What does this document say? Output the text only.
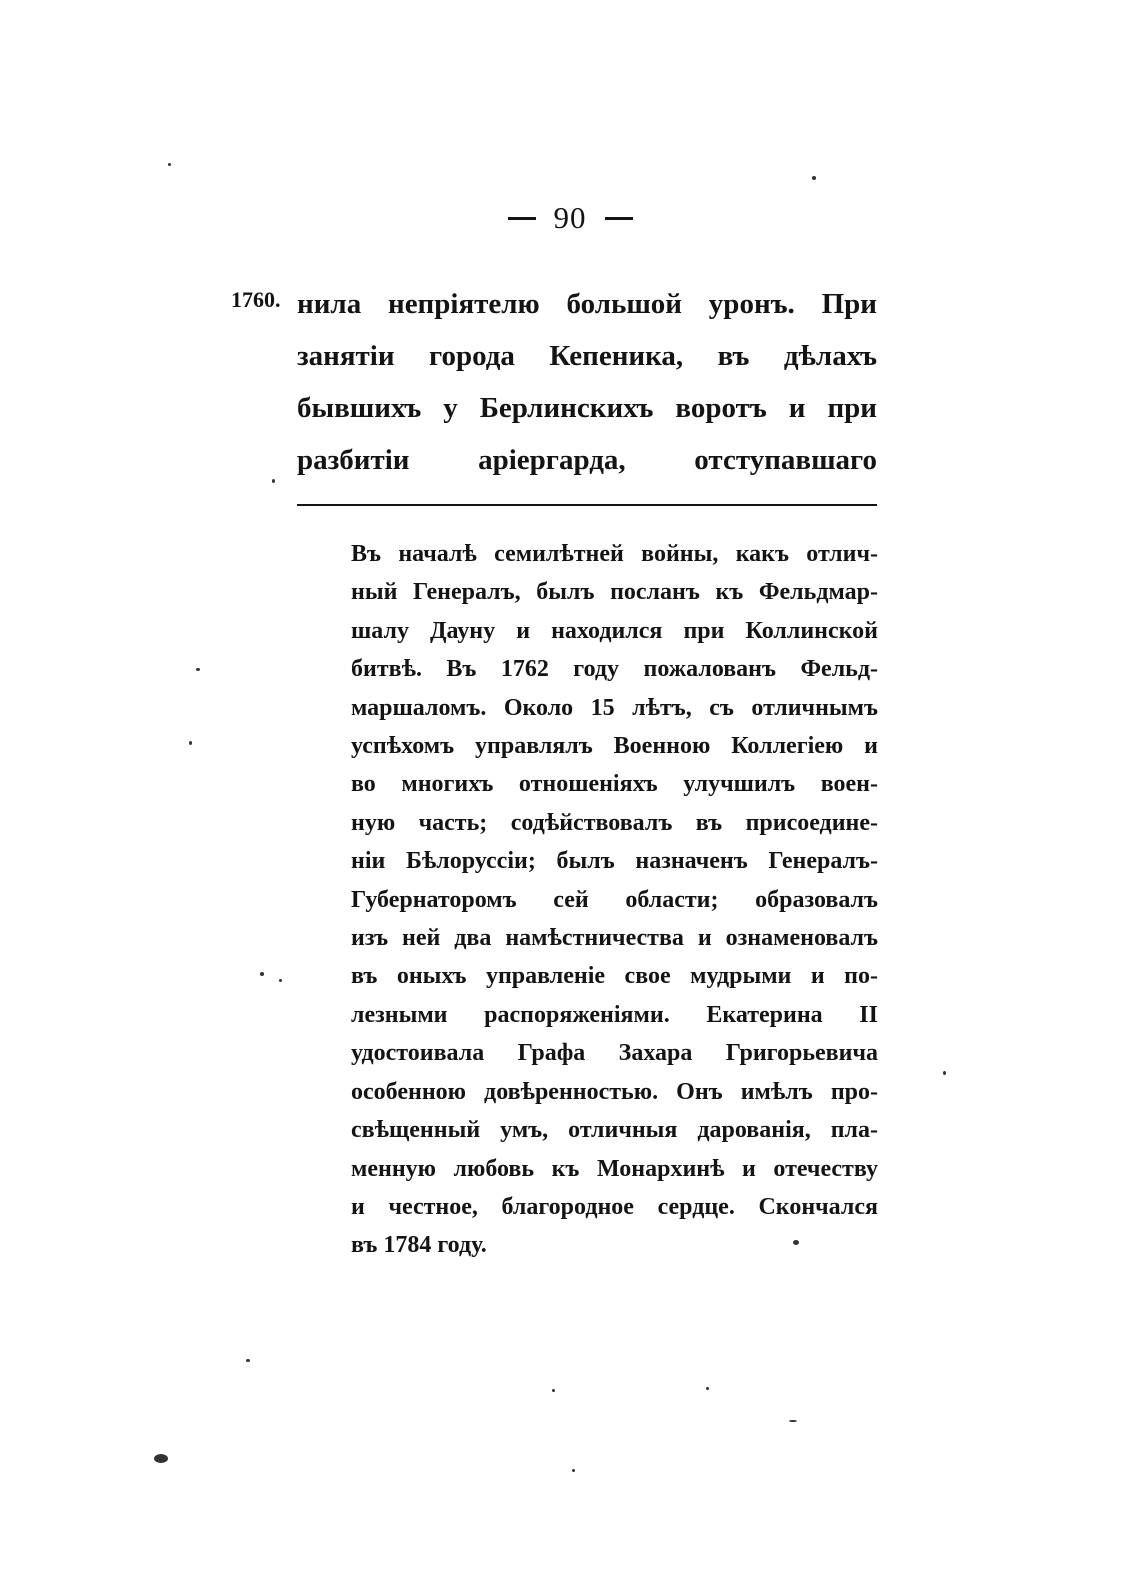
90
1760. нила непріятелю большой уронъ. При
занятіи города Кепеника, въ дѣлахъ
бывшихъ у Берлинскихъ воротъ и при
разбитіи аріергарда, отступавшаго
Въ началѣ семилѣтней войны, какъ отлич-
ный Генералъ, былъ посланъ къ Фельдмар-
шалу Дауну и находился при Коллинской
битвѣ. Въ 1762 году пожалованъ Фельд-
маршаломъ. Около 15 лѣтъ, съ отличнымъ
успѣхомъ управлялъ Военною Коллегіею и
во многихъ отношеніяхъ улучшилъ воен-
ную часть; содѣйствовалъ въ присоедине-
ніи Бѣлоруссіи; былъ назначенъ Генералъ-
Губернаторомъ сей области; образовалъ
изъ ней два намѣстничества и ознаменовалъ
въ оныхъ управленіе свое мудрыми и по-
лезными распоряженіями. Екатерина II
удостоивала Графа Захара Григорьевича
особенною довѣренностью. Онъ имѣлъ про-
свѣщенный умъ, отличныя дарованія, пла-
менную любовь къ Монархинѣ и отечеству
и честное, благородное сердце. Скончался
въ 1784 году.
